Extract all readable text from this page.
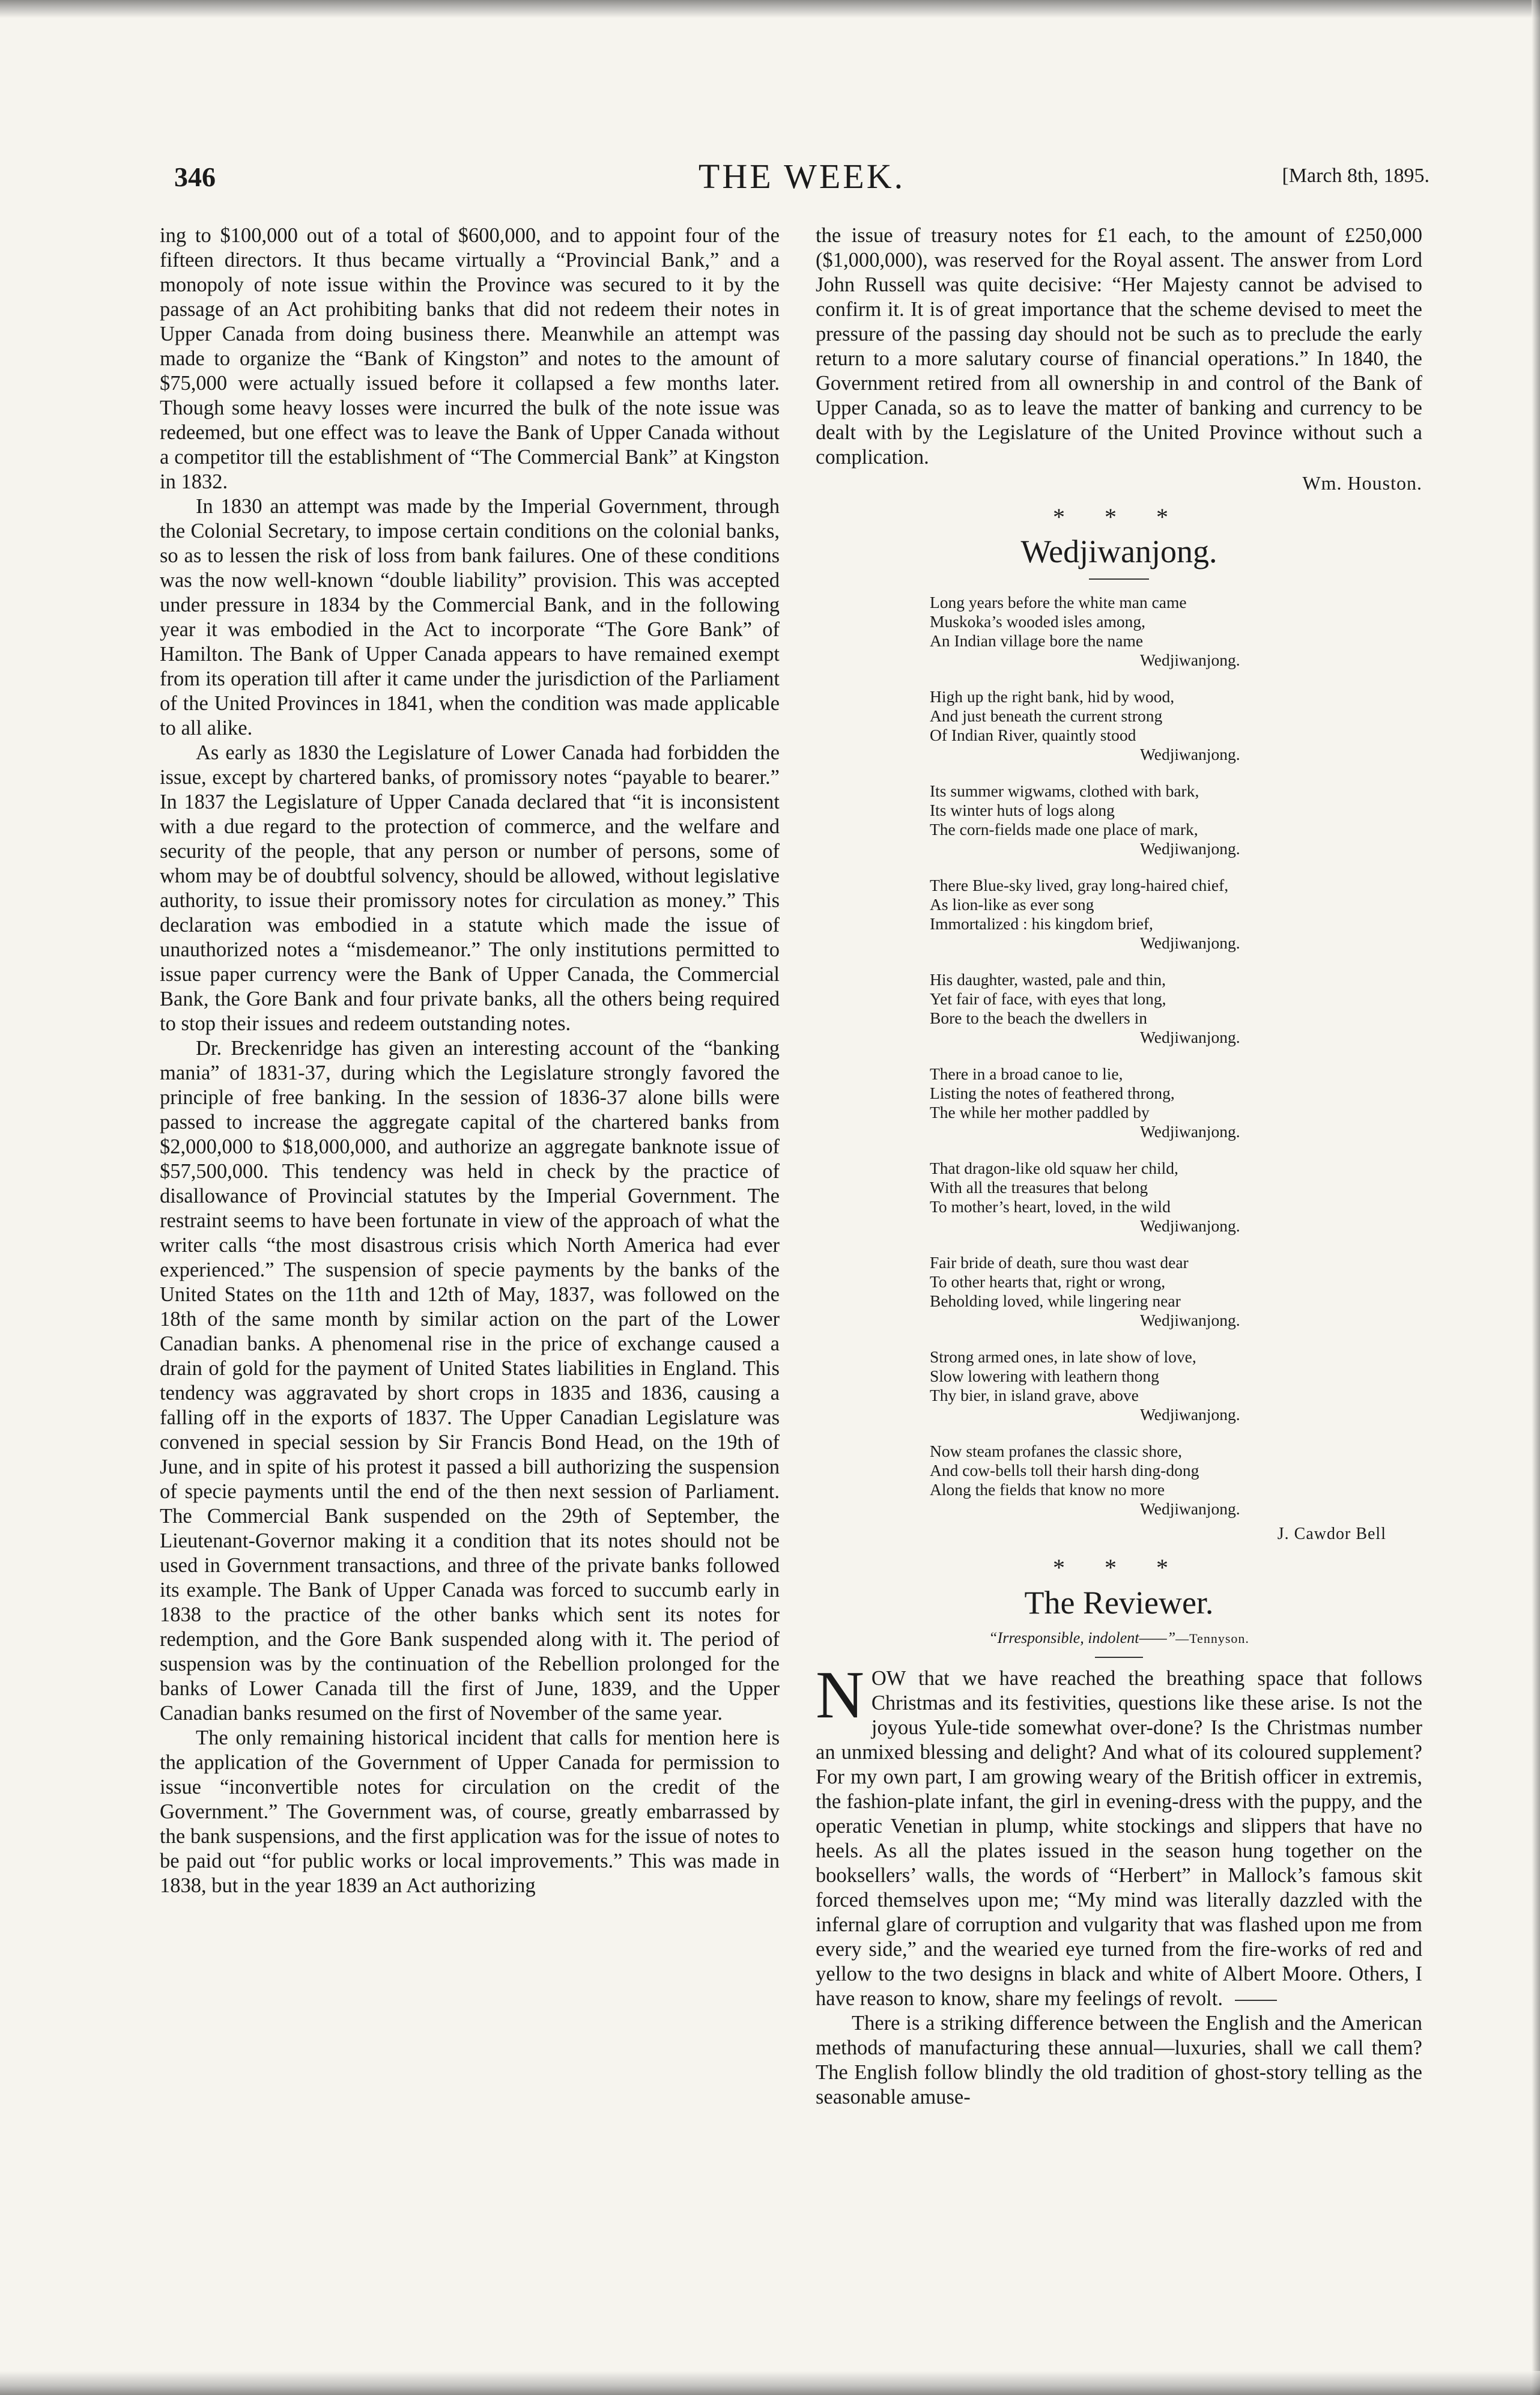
346	THE WEEK.	[March 8th, 1895.

ing to $100,000 out of a total of $600,000, and to appoint four of the fifteen directors. It thus became virtually a “Provincial Bank,” and a monopoly of note issue within the Province was secured to it by the passage of an Act prohibiting banks that did not redeem their notes in Upper Canada from doing business there. Meanwhile an attempt was made to organize the “Bank of Kingston” and notes to the amount of $75,000 were actually issued before it collapsed a few months later. Though some heavy losses were incurred the bulk of the note issue was redeemed, but one effect was to leave the Bank of Upper Canada without a competitor till the establishment of “The Commercial Bank” at Kingston in 1832.

In 1830 an attempt was made by the Imperial Government, through the Colonial Secretary, to impose certain conditions on the colonial banks, so as to lessen the risk of loss from bank failures. One of these conditions was the now well-known “double liability” provision. This was accepted under pressure in 1834 by the Commercial Bank, and in the following year it was embodied in the Act to incorporate “The Gore Bank” of Hamilton. The Bank of Upper Canada appears to have remained exempt from its operation till after it came under the jurisdiction of the Parliament of the United Provinces in 1841, when the condition was made applicable to all alike.

As early as 1830 the Legislature of Lower Canada had forbidden the issue, except by chartered banks, of promissory notes “payable to bearer.” In 1837 the Legislature of Upper Canada declared that “it is inconsistent with a due regard to the protection of commerce, and the welfare and security of the people, that any person or number of persons, some of whom may be of doubtful solvency, should be allowed, without legislative authority, to issue their promissory notes for circulation as money.” This declaration was embodied in a statute which made the issue of unauthorized notes a “misdemeanor.” The only institutions permitted to issue paper currency were the Bank of Upper Canada, the Commercial Bank, the Gore Bank and four private banks, all the others being required to stop their issues and redeem outstanding notes.

Dr. Breckenridge has given an interesting account of the “banking mania” of 1831-37, during which the Legislature strongly favored the principle of free banking. In the session of 1836-37 alone bills were passed to increase the aggregate capital of the chartered banks from $2,000,000 to $18,000,000, and authorize an aggregate banknote issue of $57,500,000. This tendency was held in check by the practice of disallowance of Provincial statutes by the Imperial Government. The restraint seems to have been fortunate in view of the approach of what the writer calls “the most disastrous crisis which North America had ever experienced.” The suspension of specie payments by the banks of the United States on the 11th and 12th of May, 1837, was followed on the 18th of the same month by similar action on the part of the Lower Canadian banks. A phenomenal rise in the price of exchange caused a drain of gold for the payment of United States liabilities in England. This tendency was aggravated by short crops in 1835 and 1836, causing a falling off in the exports of 1837. The Upper Canadian Legislature was convened in special session by Sir Francis Bond Head, on the 19th of June, and in spite of his protest it passed a bill authorizing the suspension of specie payments until the end of the then next session of Parliament. The Commercial Bank suspended on the 29th of September, the Lieutenant-Governor making it a condition that its notes should not be used in Government transactions, and three of the private banks followed its example. The Bank of Upper Canada was forced to succumb early in 1838 to the practice of the other banks which sent its notes for redemption, and the Gore Bank suspended along with it. The period of suspension was by the continuation of the Rebellion prolonged for the banks of Lower Canada till the first of June, 1839, and the Upper Canadian banks resumed on the first of November of the same year.

The only remaining historical incident that calls for mention here is the application of the Government of Upper Canada for permission to issue “inconvertible notes for circulation on the credit of the Government.” The Government was, of course, greatly embarrassed by the bank suspensions, and the first application was for the issue of notes to be paid out “for public works or local improvements.” This was made in 1838, but in the year 1839 an Act authorizing

the issue of treasury notes for £1 each, to the amount of £250,000 ($1,000,000), was reserved for the Royal assent. The answer from Lord John Russell was quite decisive: “Her Majesty cannot be advised to confirm it. It is of great importance that the scheme devised to meet the pressure of the passing day should not be such as to preclude the early return to a more salutary course of financial operations.” In 1840, the Government retired from all ownership in and control of the Bank of Upper Canada, so as to leave the matter of banking and currency to be dealt with by the Legislature of the United Province without such a complication.

Wm. Houston.
* * *
Wedjiwanjong.
Long years before the white man came
Muskoka’s wooded isles among,
An Indian village bore the name
Wedjiwanjong.
High up the right bank, hid by wood,
And just beneath the current strong
Of Indian River, quaintly stood
Wedjiwanjong.
Its summer wigwams, clothed with bark,
Its winter huts of logs along
The corn-fields made one place of mark,
Wedjiwanjong.
There Blue-sky lived, gray long-haired chief,
As lion-like as ever song
Immortalized : his kingdom brief,
Wedjiwanjong.
His daughter, wasted, pale and thin,
Yet fair of face, with eyes that long,
Bore to the beach the dwellers in
Wedjiwanjong.
There in a broad canoe to lie,
Listing the notes of feathered throng,
The while her mother paddled by
Wedjiwanjong.
That dragon-like old squaw her child,
With all the treasures that belong
To mother’s heart, loved, in the wild
Wedjiwanjong.
Fair bride of death, sure thou wast dear
To other hearts that, right or wrong,
Beholding loved, while lingering near
Wedjiwanjong.
Strong armed ones, in late show of love,
Slow lowering with leathern thong
Thy bier, in island grave, above
Wedjiwanjong.
Now steam profanes the classic shore,
And cow-bells toll their harsh ding-dong
Along the fields that know no more
Wedjiwanjong.
J. Cawdor Bell
* * *
The Reviewer.
“Irresponsible, indolent——”—Tennyson.

NOW that we have reached the breathing space that follows Christmas and its festivities, questions like these arise. Is not the joyous Yule-tide somewhat over-done? Is the Christmas number an unmixed blessing and delight? And what of its coloured supplement? For my own part, I am growing weary of the British officer in extremis, the fashion-plate infant, the girl in evening-dress with the puppy, and the operatic Venetian in plump, white stockings and slippers that have no heels. As all the plates issued in the season hung together on the booksellers’ walls, the words of “Herbert” in Mallock’s famous skit forced themselves upon me; “My mind was literally dazzled with the infernal glare of corruption and vulgarity that was flashed upon me from every side,” and the wearied eye turned from the fire-works of red and yellow to the two designs in black and white of Albert Moore. Others, I have reason to know, share my feelings of revolt.

There is a striking difference between the English and the American methods of manufacturing these annual—luxuries, shall we call them? The English follow blindly the old tradition of ghost-story telling as the seasonable amuse-
